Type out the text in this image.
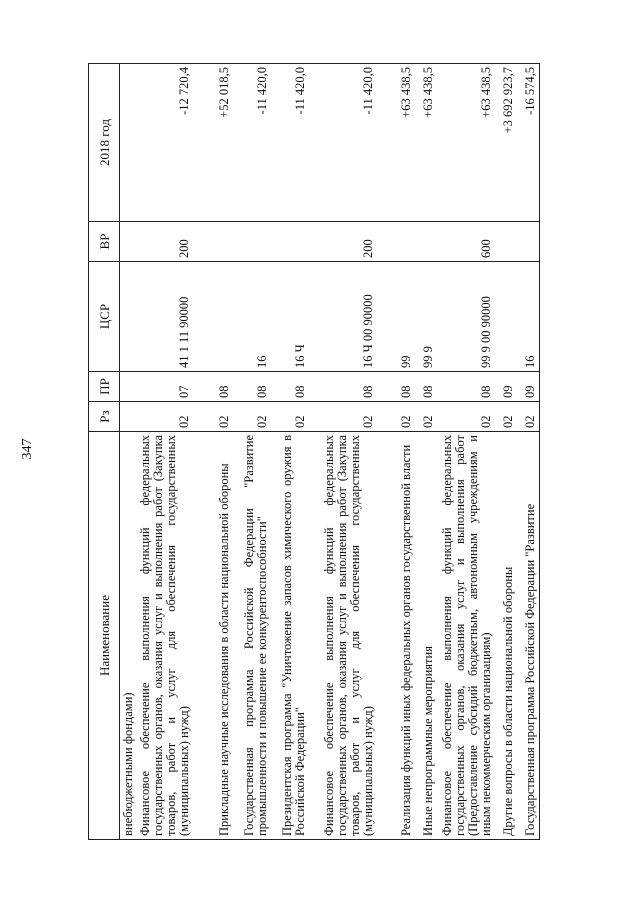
347
Наименование	Рз	ПР	ЦСР	ВР	2018 год
внебюджетными фондами)					
Финансовое обеспечение выполнения функций федеральных государственных органов, оказания услуг и выполнения работ (Закупка товаров, работ и услуг для обеспечения государственных (муниципальных) нужд)	02	07	41 1 11 90000	200	-12 720,4
Прикладные научные исследования в области национальной обороны	02	08			+52 018,5
Государственная программа Российской Федерации "Развитие промышленности и повышение ее конкурентоспособности"	02	08	16		-11 420,0
Президентская программа "Уничтожение запасов химического оружия в Российской Федерации"	02	08	16 Ч		-11 420,0
Финансовое обеспечение выполнения функций федеральных государственных органов, оказания услуг и выполнения работ (Закупка товаров, работ и услуг для обеспечения государственных (муниципальных) нужд)	02	08	16 Ч 00 90000	200	-11 420,0
Реализация функций иных федеральных органов государственной власти	02	08	99		+63 438,5
Иные непрограммные мероприятия	02	08	99 9		+63 438,5
Финансовое обеспечение выполнения функций федеральных государственных органов, оказания услуг и выполнения работ (Предоставление субсидий бюджетным, автономным учреждениям и иным некоммерческим организациям)	02	08	99 9 00 90000	600	+63 438,5
Другие вопросы в области национальной обороны	02	09			+3 692 923,7
Государственная программа Российской Федерации "Развитие	02	09	16		-16 574,5
